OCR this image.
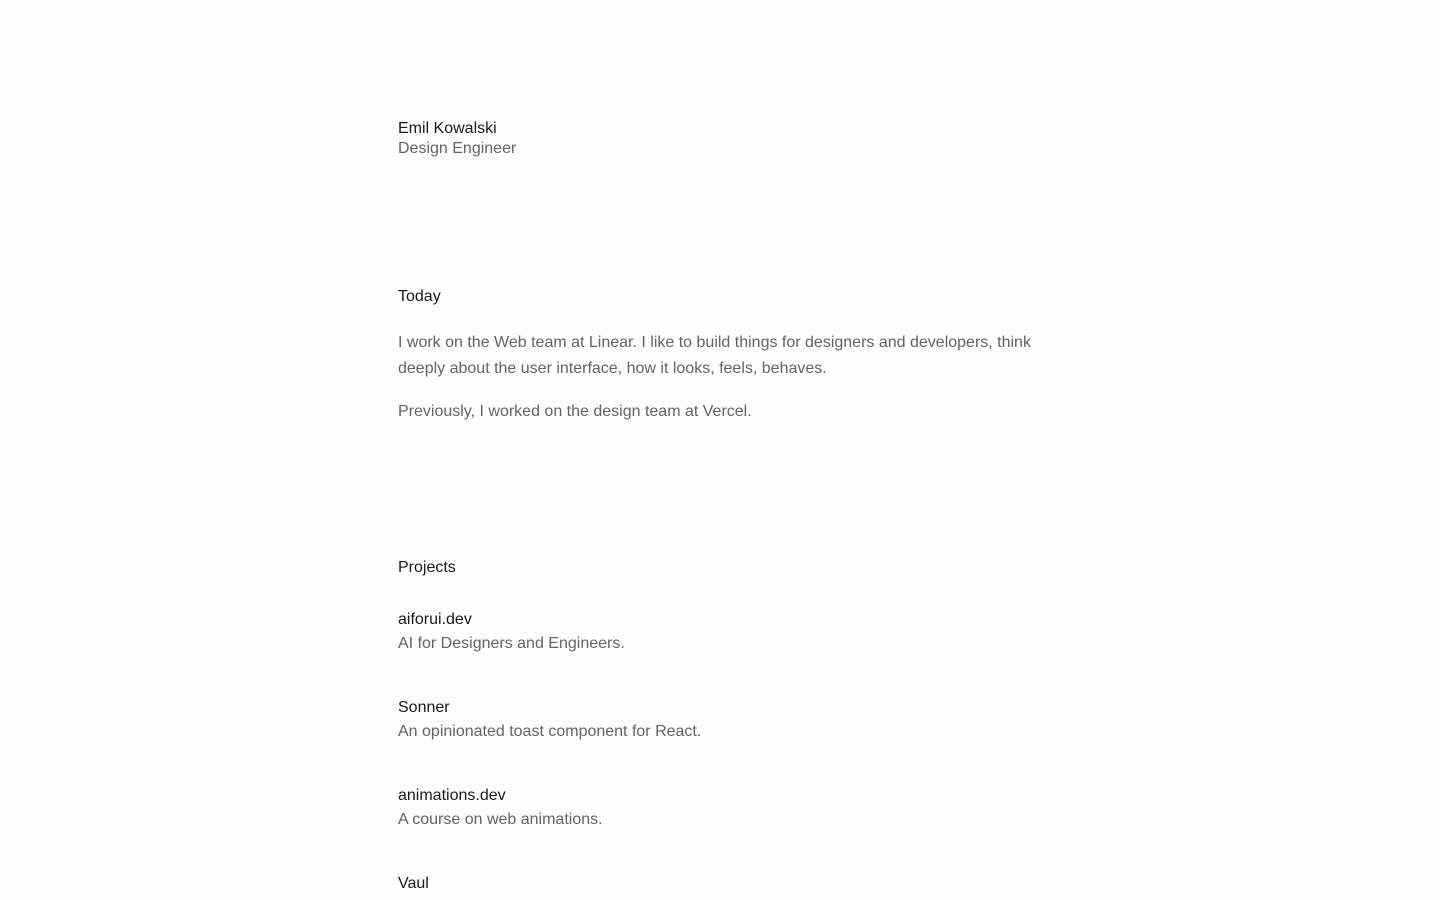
Emil Kowalski
Design Engineer
Today

I work on the Web team at Linear. I like to build things for designers and developers, think deeply about the user interface, how it looks, feels, behaves.

Previously, I worked on the design team at Vercel.

Projects
aiforui.dev
AI for Designers and Engineers.
Sonner
An opinionated toast component for React.
animations.dev
A course on web animations.
Vaul
